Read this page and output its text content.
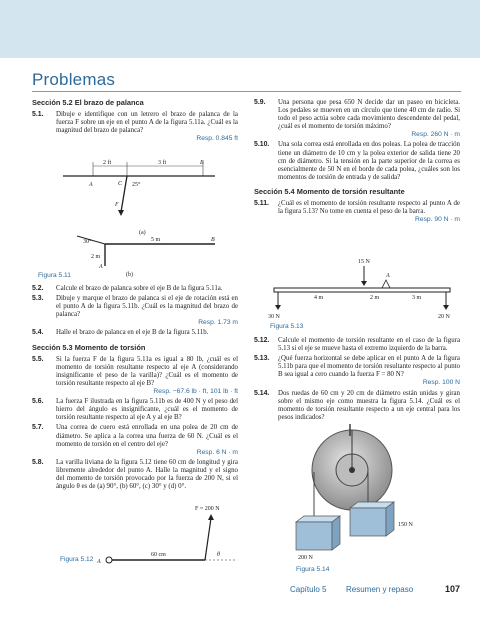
Problemas
Sección 5.2 El brazo de palanca
5.1. Dibuje e identifique con un letrero el brazo de palanca de la fuerza F sobre un eje en el punto A de la figura 5.11a. ¿Cuál es la magnitud del brazo de palanca?
Resp. 0.845 ft
2 ft	3 ft	B
A	C 25°
F
(a)
30°	5 m	B
2 m
A
Figura 5.11	(b)
5.2. Calcule el brazo de palanca sobre el eje B de la figura 5.11a.
5.3. Dibuje y marque el brazo de palanca si el eje de rotación está en el punto A de la figura 5.11b. ¿Cuál es la magnitud del brazo de palanca?
Resp. 1.73 m
5.4. Halle el brazo de palanca en el eje B de la figura 5.11b.
Sección 5.3 Momento de torsión
5.5. Si la fuerza F de la figura 5.11a es igual a 80 lb, ¿cuál es el momento de torsión resultante respecto al eje A (considerando insignificante el peso de la varilla)? ¿Cuál es el momento de torsión resultante respecto al eje B?
Resp. −67.6 lb · ft, 101 lb · ft
5.6. La fuerza F ilustrada en la figura 5.11b es de 400 N y el peso del hierro del ángulo es insignificante, ¿cuál es el momento de torsión resultante respecto al eje A y al eje B?
5.7. Una correa de cuero está enrollada en una polea de 20 cm de diámetro. Se aplica a la correa una fuerza de 60 N. ¿Cuál es el momento de torsión en el centro del eje?
Resp. 6 N · m
5.8. La varilla liviana de la figura 5.12 tiene 60 cm de longitud y gira libremente alrededor del punto A. Halle la magnitud y el signo del momento de torsión provocado por la fuerza de 200 N, si el ángulo θ es de (a) 90°, (b) 60°, (c) 30° y (d) 0°.
F = 200 N
60 cm	θ
A
Figura 5.12
5.9. Una persona que pesa 650 N decide dar un paseo en bicicleta. Los pedales se mueven en un círculo que tiene 40 cm de radio. Si todo el peso actúa sobre cada movimiento descendente del pedal, ¿cuál es el momento de torsión máximo?
Resp. 260 N · m
5.10. Una sola correa está enrollada en dos poleas. La polea de tracción tiene un diámetro de 10 cm y la polea exterior de salida tiene 20 cm de diámetro. Si la tensión en la parte superior de la correa es esencialmente de 50 N en el borde de cada polea, ¿cuáles son los momentos de torsión de entrada y de salida?
Sección 5.4 Momento de torsión resultante
5.11. ¿Cuál es el momento de torsión resultante respecto al punto A de la figura 5.13? No tome en cuenta el peso de la barra.
Resp. 90 N · m
15 N
A
4 m	2 m	3 m
30 N	20 N
Figura 5.13
5.12. Calcule el momento de torsión resultante en el caso de la figura 5.13 si el eje se mueve hasta el extremo izquierdo de la barra.
5.13. ¿Qué fuerza horizontal se debe aplicar en el punto A de la figura 5.11b para que el momento de torsión resultante respecto al punto B sea igual a cero cuando la fuerza F = 80 N?
Resp. 100 N
5.14. Dos ruedas de 60 cm y 20 cm de diámetro están unidas y giran sobre el mismo eje como muestra la figura 5.14. ¿Cuál es el momento de torsión resultante respecto a un eje central para los pesos indicados?
150 N
200 N
Figura 5.14
Capítulo 5 Resumen y repaso	107
